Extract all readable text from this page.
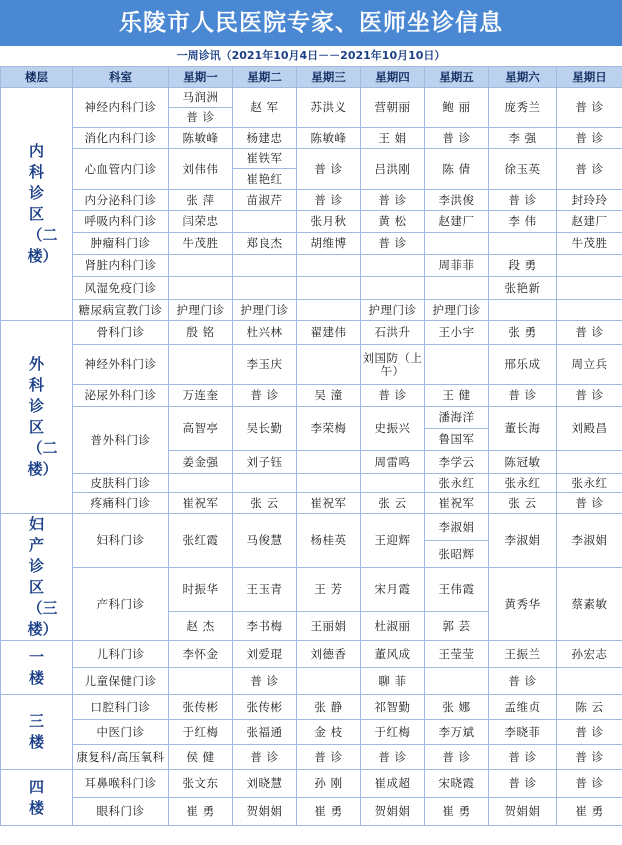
乐陵市人民医院专家、医师坐诊信息
一周诊讯（2021年10月4日－－2021年10月10日）
楼层	科室	星期一	星期二	星期三	星期四	星期五	星期六	星期日
内科诊区（二楼）	神经内科门诊	马润洲	赵 军	苏洪义	营朝丽	鲍 丽	庞秀兰	普 诊
		普 诊						
	消化内科门诊	陈敏峰	杨建忠	陈敏峰	王 娟	普 诊	李 强	普 诊
	心血管内门诊	刘伟伟	崔铁军	普 诊	吕洪刚	陈 倩	徐玉英	普 诊
			崔艳红					
	内分泌科门诊	张 萍	苗淑芹	普 诊	普 诊	李洪俊	普 诊	封玲玲
	呼吸内科门诊	闫荣忠		张月秋	黄 松	赵建厂	李 伟	赵建厂
	肿瘤科门诊	牛茂胜	郑良杰	胡维博	普 诊			牛茂胜
	肾脏内科门诊					周菲菲	段 勇	
	风湿免疫门诊						张艳新	
	糖尿病宣教门诊	护理门诊	护理门诊		护理门诊	护理门诊		
外科诊区（二楼）	骨科门诊	殷 铭	杜兴林	翟建伟	石洪升	王小宇	张 勇	普 诊
	神经外科门诊		李玉庆		刘国防（上午）		邢乐成	周立兵
	泌尿外科门诊	万连奎	普 诊	吴 潼	普 诊	王 健	普 诊	普 诊
	普外科门诊	高智亭	吴长勤	李荣梅	史振兴	潘海洋	董长海	刘殿昌
						鲁国军		
		姜金强	刘子钰		周雷鸣	李学云	陈冠敏	
	皮肤科门诊					张永红	张永红	张永红
	疼痛科门诊	崔祝军	张 云	崔祝军	张 云	崔祝军	张 云	普 诊
妇产诊区（三楼）	妇科门诊	张红霞	马俊慧	杨桂英	王迎辉	李淑娟	李淑娟	李淑娟
						张昭辉		
	产科门诊	时振华	王玉青	王 芳	宋月霞	王伟霞	黄秀华	蔡素敏
		赵 杰	李书梅	王丽娟	杜淑丽	郭 芸		
一楼	儿科门诊	李怀金	刘爱琨	刘德香	董风成	王莹莹	王振兰	孙宏志
	儿童保健门诊		普 诊		聊 菲		普 诊	
三楼	口腔科门诊	张传彬	张传彬	张 静	祁智勤	张 娜	孟维贞	陈 云
	中医门诊	于红梅	张福通	金 枝	于红梅	李万斌	李晓菲	普 诊
	康复科/高压氧科	侯 健	普 诊	普 诊	普 诊	普 诊	普 诊	普 诊
四楼	耳鼻喉科门诊	张文东	刘晓慧	孙 刚	崔成超	宋晓霞	普 诊	普 诊
	眼科门诊	崔 勇	贺娟娟	崔 勇	贺娟娟	崔 勇	贺娟娟	崔 勇
